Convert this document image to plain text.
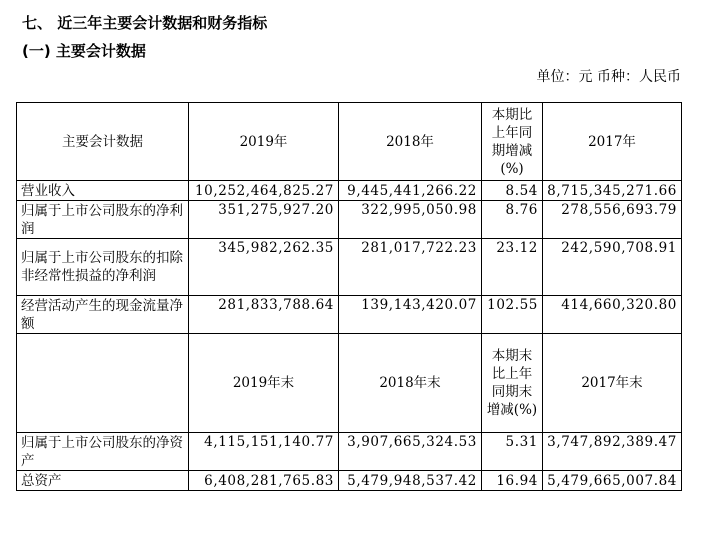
七、 近三年主要会计数据和财务指标
(一) 主要会计数据
单位：元 币种：人民币
主要会计数据	2019年	2018年	本期比上年同期增减(%)	2017年
营业收入	10,252,464,825.27	9,445,441,266.22	8.54	8,715,345,271.66
归属于上市公司股东的净利润	351,275,927.20	322,995,050.98	8.76	278,556,693.79
归属于上市公司股东的扣除非经常性损益的净利润	345,982,262.35	281,017,722.23	23.12	242,590,708.91
经营活动产生的现金流量净额	281,833,788.64	139,143,420.07	102.55	414,660,320.80
	2019年末	2018年末	本期末比上年同期末增减(%)	2017年末
归属于上市公司股东的净资产	4,115,151,140.77	3,907,665,324.53	5.31	3,747,892,389.47
总资产	6,408,281,765.83	5,479,948,537.42	16.94	5,479,665,007.84
